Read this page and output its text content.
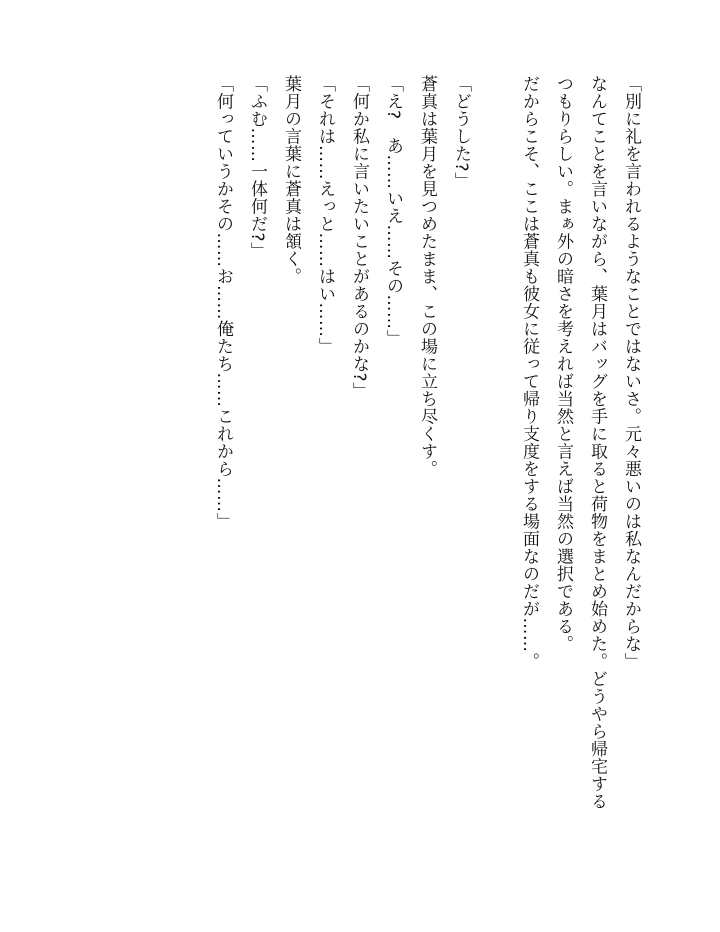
「別に礼を言われるようなことではないさ。元々悪いのは私なんだからな」
なんてことを言いながら、葉月はバッグを手に取ると荷物をまとめ始めた。どうやら帰宅する
つもりらしい。まぁ外の暗さを考えれば当然と言えば当然の選択である。
だからこそ、ここは蒼真も彼女に従って帰り支度をする場面なのだが……。

「どうした?」
蒼真は葉月を見つめたまま、この場に立ち尽くす。
「え?　あ……いえ……その……」
「何か私に言いたいことがあるのかな?」
「それは……えっと……はい……」
葉月の言葉に蒼真は頷く。
「ふむ……一体何だ?」
「何っていうかその……お……俺たち……これから……」
